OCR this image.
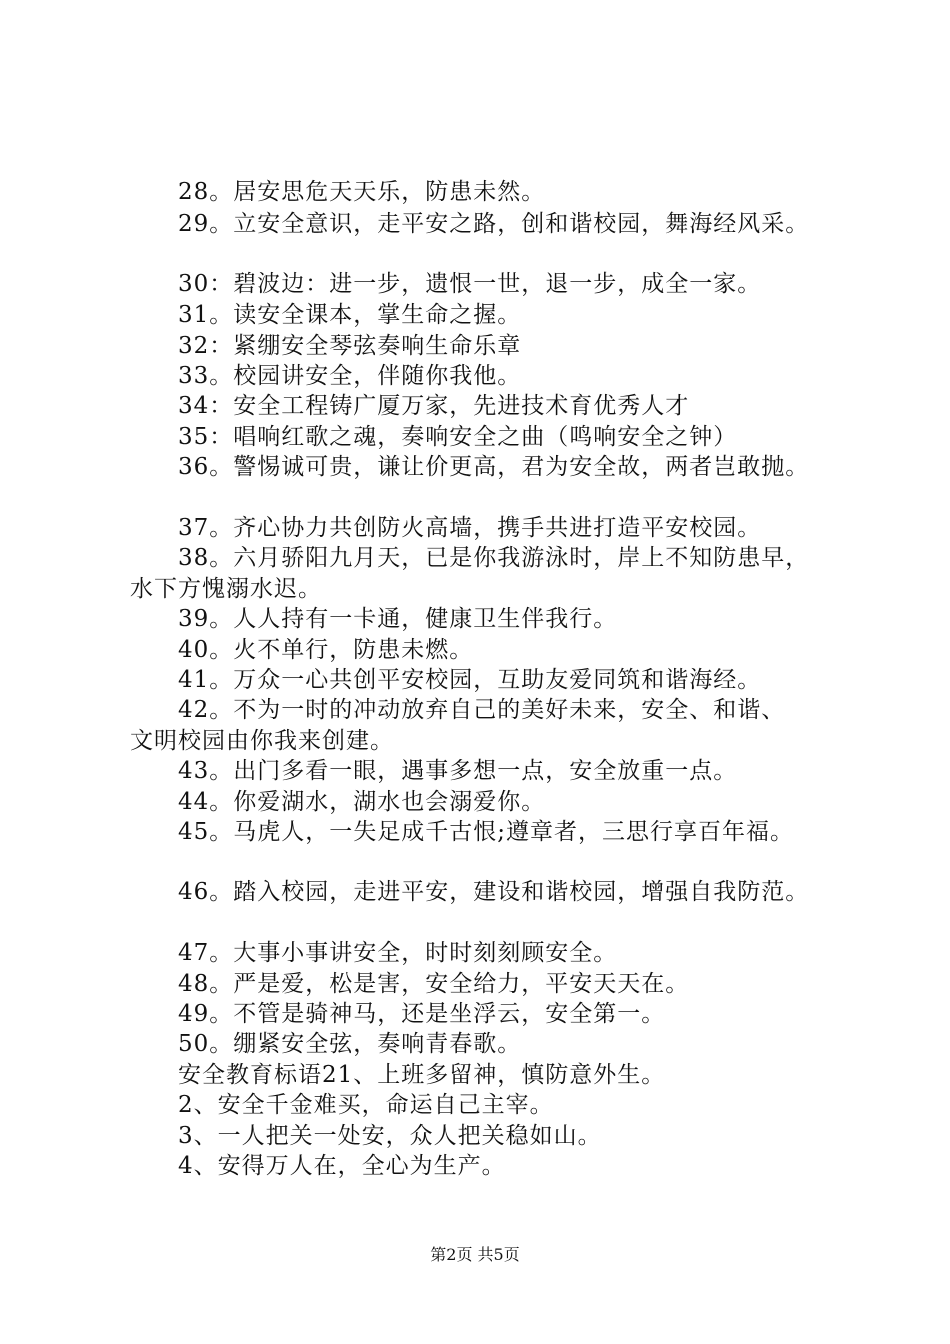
28。居安思危天天乐，防患未然。
29。立安全意识，走平安之路，创和谐校园，舞海经风采。
30：碧波边：进一步，遗恨一世，退一步，成全一家。
31。读安全课本，掌生命之握。
32：紧绷安全琴弦奏响生命乐章
33。校园讲安全，伴随你我他。
34：安全工程铸广厦万家，先进技术育优秀人才
35：唱响红歌之魂，奏响安全之曲（鸣响安全之钟）
36。警惕诚可贵，谦让价更高，君为安全故，两者岂敢抛。
37。齐心协力共创防火高墙，携手共进打造平安校园。
38。六月骄阳九月天，已是你我游泳时，岸上不知防患早，
水下方愧溺水迟。
39。人人持有一卡通，健康卫生伴我行。
40。火不单行，防患未燃。
41。万众一心共创平安校园，互助友爱同筑和谐海经。
42。不为一时的冲动放弃自己的美好未来，安全、和谐、
文明校园由你我来创建。
43。出门多看一眼，遇事多想一点，安全放重一点。
44。你爱湖水，湖水也会溺爱你。
45。马虎人，一失足成千古恨;遵章者，三思行享百年福。
46。踏入校园，走进平安，建设和谐校园，增强自我防范。
47。大事小事讲安全，时时刻刻顾安全。
48。严是爱，松是害，安全给力，平安天天在。
49。不管是骑神马，还是坐浮云，安全第一。
50。绷紧安全弦，奏响青春歌。
安全教育标语21、上班多留神，慎防意外生。
2、安全千金难买，命运自己主宰。
3、一人把关一处安，众人把关稳如山。
4、安得万人在，全心为生产。
第2页 共5页
